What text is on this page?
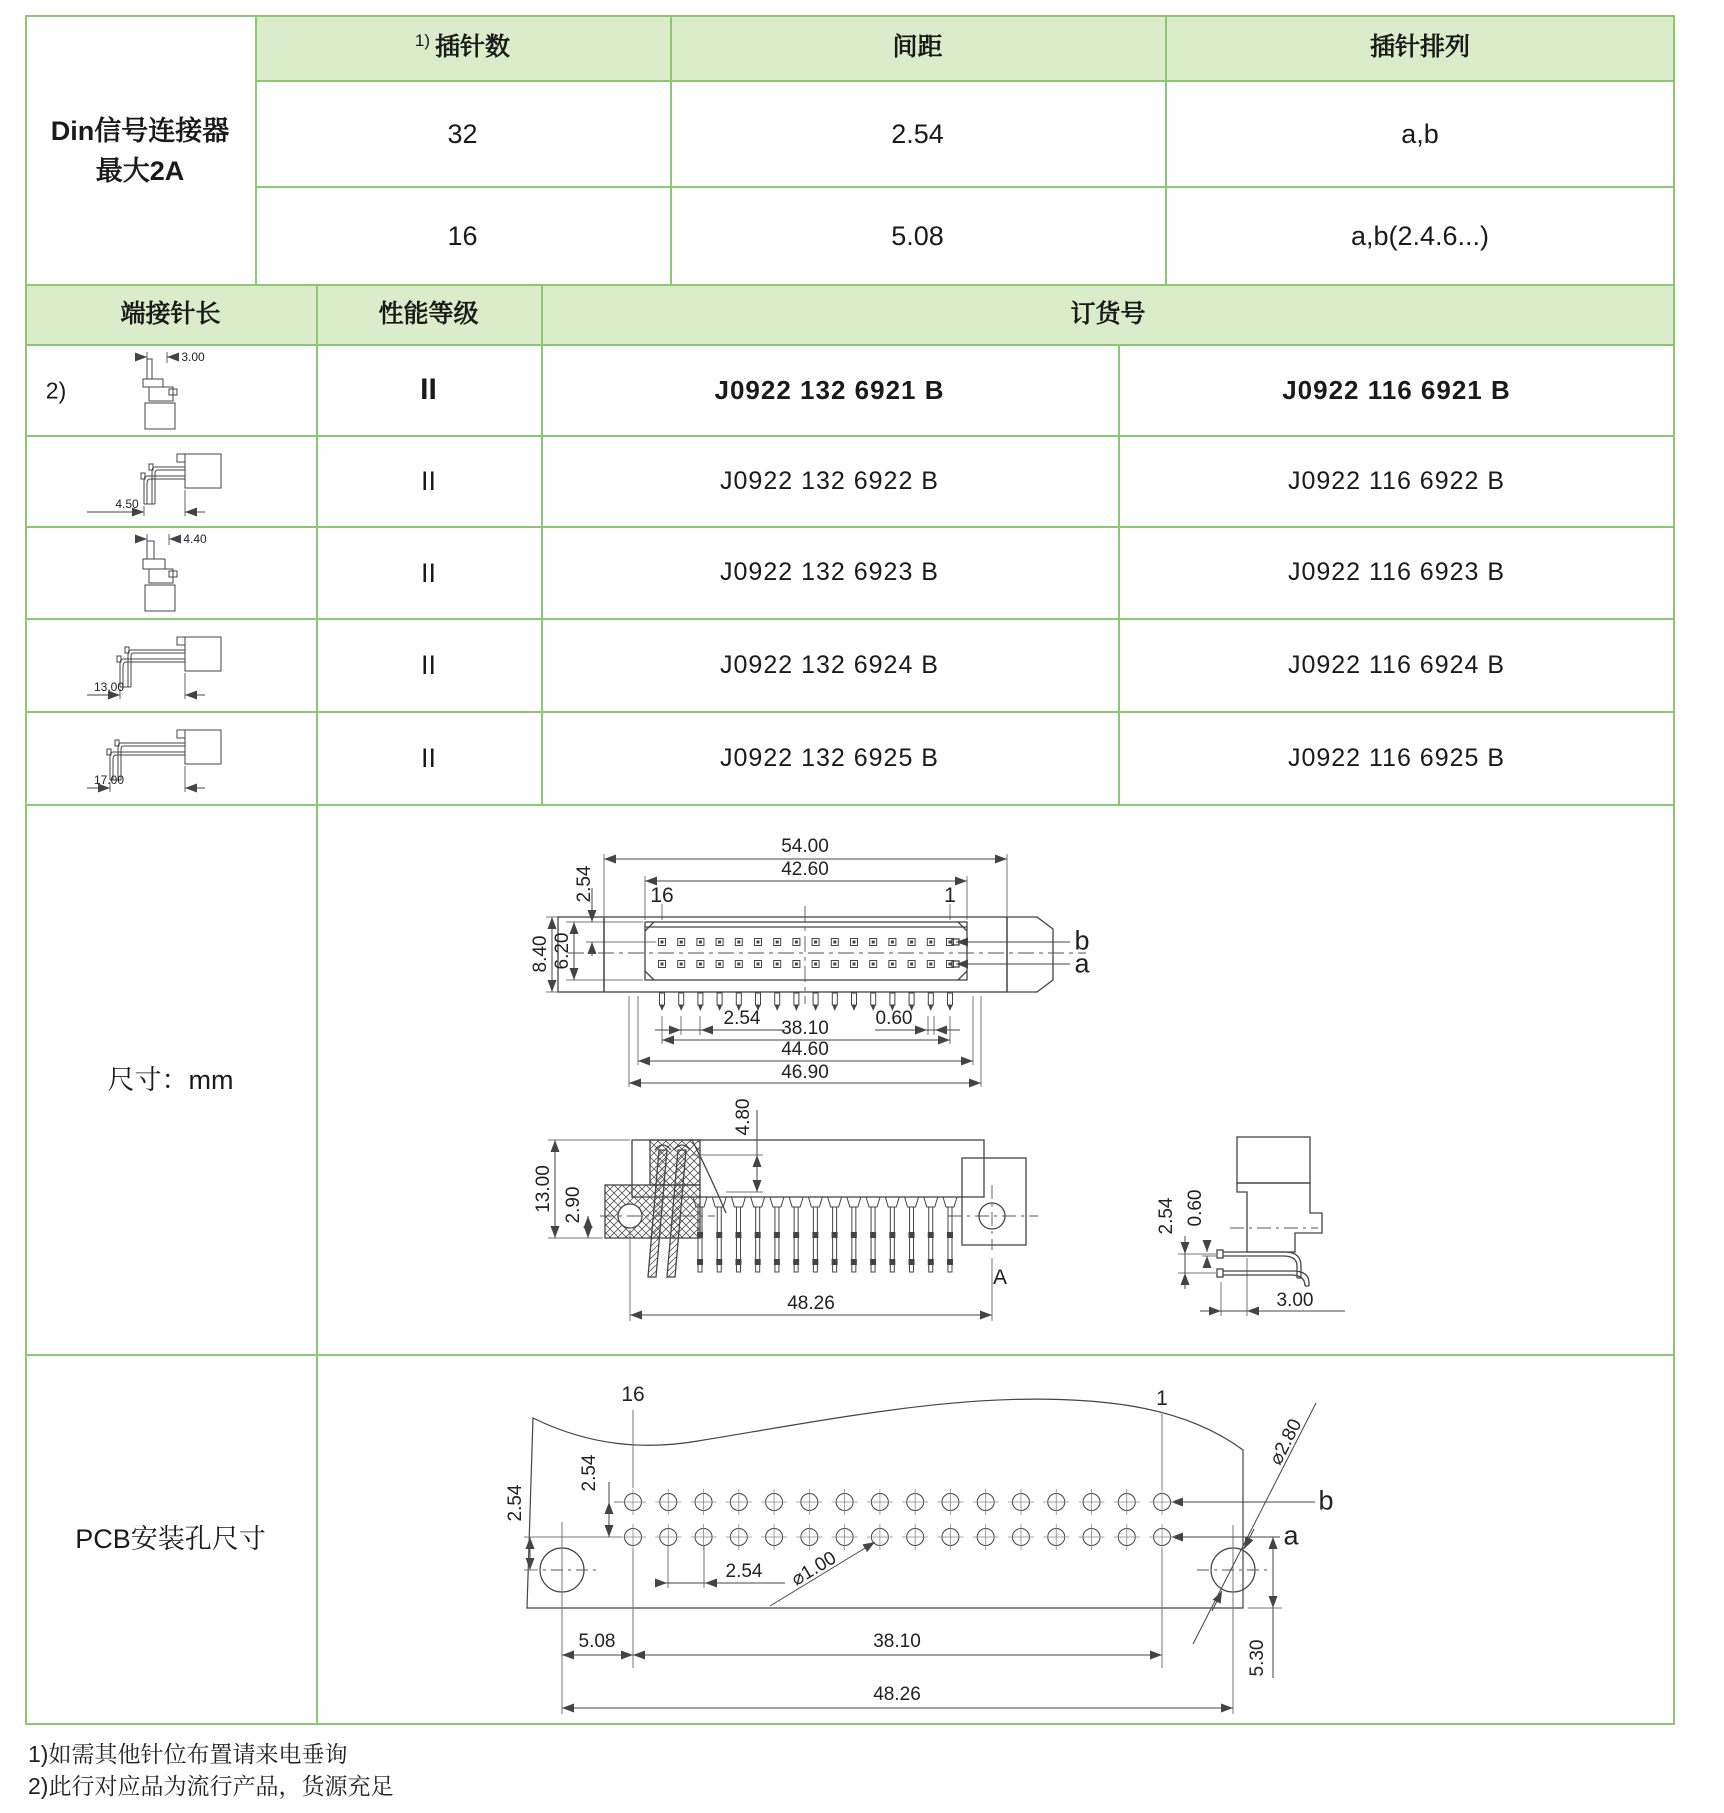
Din信号连接器
最大2A
1) 插针数	间距	插针排列
32	2.54	a,b
16	5.08	a,b(2.4.6...)
端接针长	性能等级	订货号
2)	II	J0922 132 6921 B	J0922 116 6921 B
II	J0922 132 6922 B	J0922 116 6922 B
II	J0922 132 6923 B	J0922 116 6923 B
II	J0922 132 6924 B	J0922 116 6924 B
II	J0922 132 6925 B	J0922 116 6925 B
3.00
4.50
4.40
13.00
17.00
尺寸：mm
PCB安装孔尺寸
54.00
42.60
16	1
2.54
8.40 6.20	b
a
2.54	0.60
38.10
44.60
46.90
13.00 2.90
4.80
A
48.26
2.54 0.60
3.00
16	1
2.54
2.54
2.54 ⌀1.00
⌀2.80
b
a
5.08	38.10
48.26
5.30
1)如需其他针位布置请来电垂询
2)此行对应品为流行产品，货源充足
